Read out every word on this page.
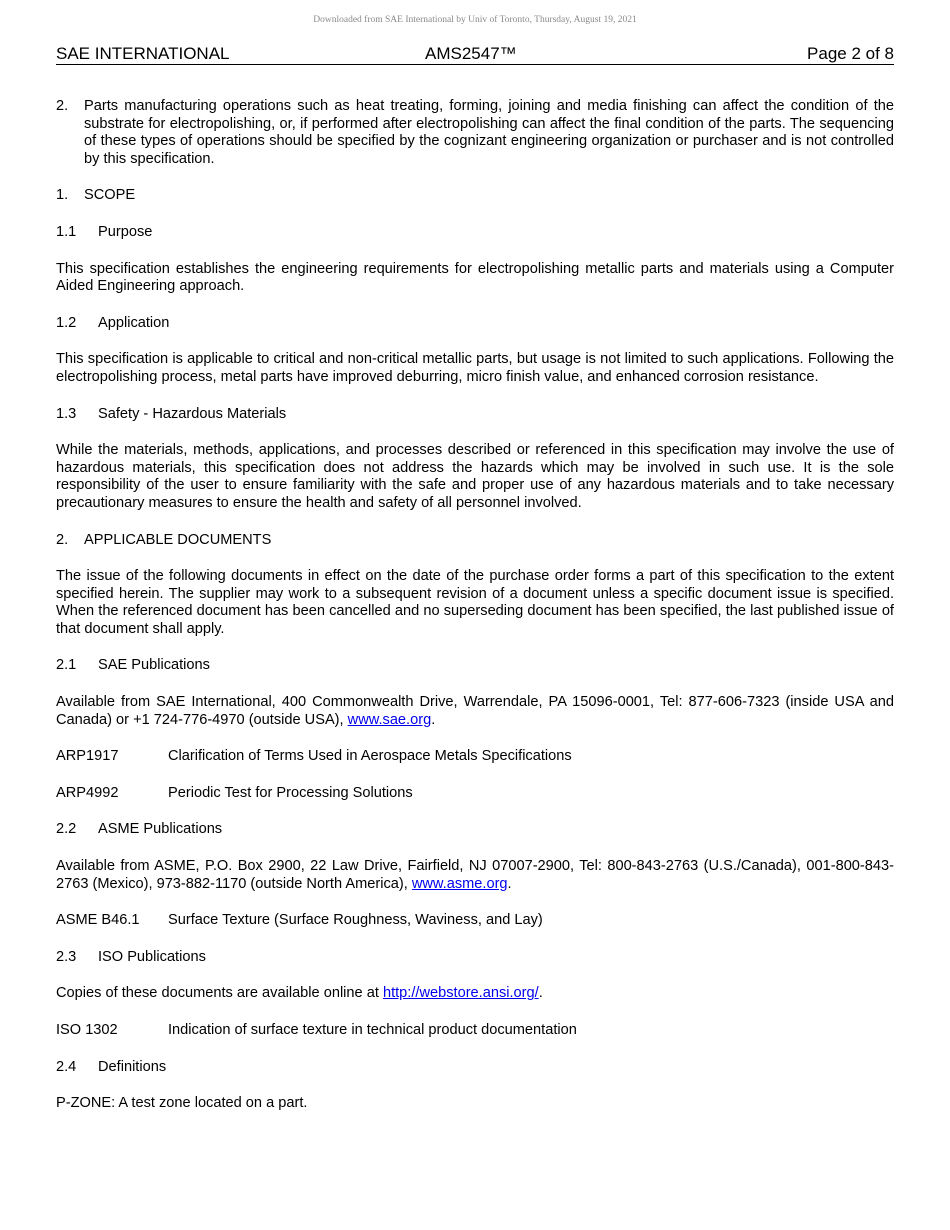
Downloaded from SAE International by Univ of Toronto, Thursday, August 19, 2021
SAE INTERNATIONAL	AMS2547™	Page 2 of 8
2.	Parts manufacturing operations such as heat treating, forming, joining and media finishing can affect the condition of the substrate for electropolishing, or, if performed after electropolishing can affect the final condition of the parts. The sequencing of these types of operations should be specified by the cognizant engineering organization or purchaser and is not controlled by this specification.
1.	SCOPE
1.1	Purpose

This specification establishes the engineering requirements for electropolishing metallic parts and materials using a Computer Aided Engineering approach.

1.2	Application

This specification is applicable to critical and non-critical metallic parts, but usage is not limited to such applications. Following the electropolishing process, metal parts have improved deburring, micro finish value, and enhanced corrosion resistance.

1.3	Safety - Hazardous Materials

While the materials, methods, applications, and processes described or referenced in this specification may involve the use of hazardous materials, this specification does not address the hazards which may be involved in such use. It is the sole responsibility of the user to ensure familiarity with the safe and proper use of any hazardous materials and to take necessary precautionary measures to ensure the health and safety of all personnel involved.

2.	APPLICABLE DOCUMENTS

The issue of the following documents in effect on the date of the purchase order forms a part of this specification to the extent specified herein. The supplier may work to a subsequent revision of a document unless a specific document issue is specified. When the referenced document has been cancelled and no superseding document has been specified, the last published issue of that document shall apply.

2.1	SAE Publications

Available from SAE International, 400 Commonwealth Drive, Warrendale, PA 15096-0001, Tel: 877-606-7323 (inside USA and Canada) or +1 724-776-4970 (outside USA), www.sae.org.

ARP1917	Clarification of Terms Used in Aerospace Metals Specifications
ARP4992	Periodic Test for Processing Solutions
2.2	ASME Publications

Available from ASME, P.O. Box 2900, 22 Law Drive, Fairfield, NJ 07007-2900, Tel: 800-843-2763 (U.S./Canada), 001-800-843-2763 (Mexico), 973-882-1170 (outside North America), www.asme.org.

ASME B46.1	Surface Texture (Surface Roughness, Waviness, and Lay)
2.3	ISO Publications

Copies of these documents are available online at http://webstore.ansi.org/.

ISO 1302	Indication of surface texture in technical product documentation
2.4	Definitions

P-ZONE: A test zone located on a part.
